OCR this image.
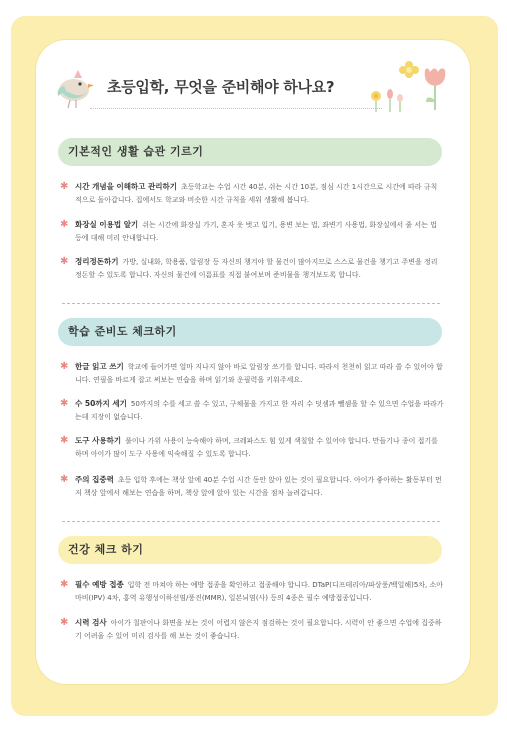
초등입학, 무엇을 준비해야 하나요?
기본적인 생활 습관 기르기
✱ 시간 개념을 이해하고 관리하기 초등학교는 수업 시간 40분, 쉬는 시간 10분, 점심 시간 1시간으로 시간에 따라 규칙적으로 돌아갑니다. 집에서도 학교와 비슷한 시간 규칙을 세워 생활해 봅니다.
✱ 화장실 이용법 알기 쉬는 시간에 화장실 가기, 혼자 옷 벗고 입기, 용변 보는 법, 좌변기 사용법, 화장실에서 줄 서는 법 등에 대해 미리 안내합니다.
✱ 정리정돈하기 가방, 실내화, 학용품, 알림장 등 자신의 챙겨야 할 물건이 많아지므로 스스로 물건을 챙기고 주변을 정리정돈할 수 있도록 합니다. 자신의 물건에 이름표를 직접 붙여보며 준비물을 챙겨보도록 합니다.
학습 준비도 체크하기
✱ 한글 읽고 쓰기 학교에 들어가면 얼마 지나지 않아 바로 알림장 쓰기를 합니다. 따라서 천천히 읽고 따라 쓸 수 있어야 합니다. 연필을 바르게 잡고 써보는 연습을 하며 읽기와 운필력을 키워주세요.
✱ 수 50까지 세기 50까지의 수를 세고 쓸 수 있고, 구체물을 가지고 한 자리 수 덧셈과 뺄셈을 할 수 있으면 수업을 따라가는데 지장이 없습니다.
✱ 도구 사용하기 풀이나 가위 사용이 능숙해야 하며, 크레파스도 힘 있게 색칠할 수 있어야 합니다. 만들기나 종이 접기를 하며 아이가 많이 도구 사용에 익숙해질 수 있도록 합니다.
✱ 주의 집중력 초등 입학 후에는 책상 앞에 40분 수업 시간 동안 앉아 있는 것이 필요합니다. 아이가 좋아하는 활동부터 먼저 책상 앞에서 해보는 연습을 하며, 책상 앞에 앉아 있는 시간을 점차 늘려갑니다.
건강 체크 하기
✱ 필수 예방 접종 입학 전 마쳐야 하는 예방 접종을 확인하고 접종해야 합니다. DTaP(디프테리아/파상풍/백일해)5차, 소아마비(IPV) 4차, 홍역 유행성이하선염/풍진(MMR), 일본뇌염(사) 등의 4종은 필수 예방접종입니다.
✱ 시력 검사 아이가 칠판이나 화면을 보는 것이 어렵지 않은지 점검하는 것이 필요합니다. 시력이 안 좋으면 수업에 집중하기 어려울 수 있어 미리 검사를 해 보는 것이 좋습니다.
